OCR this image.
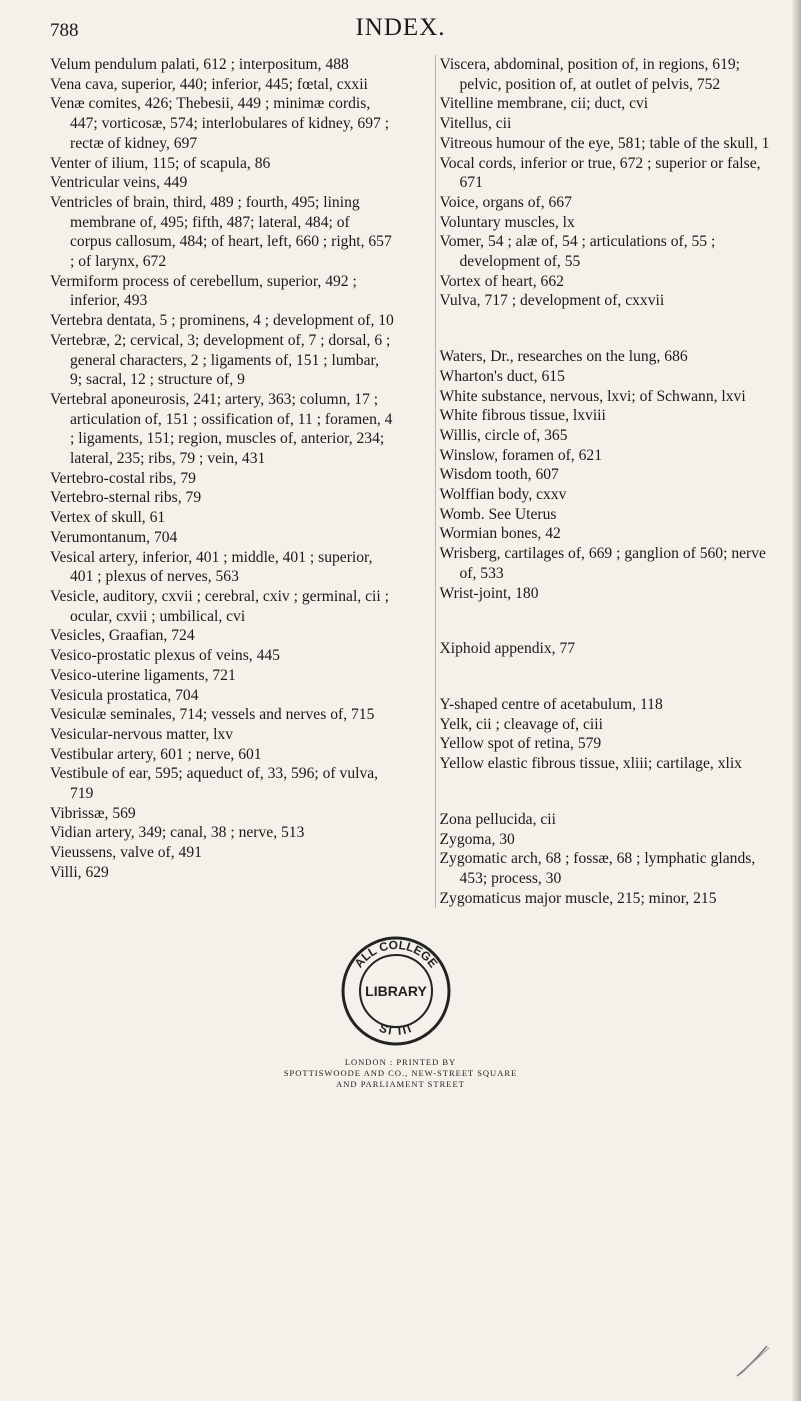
788	INDEX.

Velum pendulum palati, 612 ; interpositum, 488

Vena cava, superior, 440; inferior, 445; fœtal, cxxii

Venæ comites, 426; Thebesii, 449 ; minimæ cordis, 447; vorticosæ, 574; interlobulares of kidney, 697 ; rectæ of kidney, 697

Venter of ilium, 115; of scapula, 86

Ventricular veins, 449

Ventricles of brain, third, 489 ; fourth, 495; lining membrane of, 495; fifth, 487; lateral, 484; of corpus callosum, 484; of heart, left, 660 ; right, 657 ; of larynx, 672

Vermiform process of cerebellum, superior, 492 ; inferior, 493

Vertebra dentata, 5 ; prominens, 4 ; development of, 10

Vertebræ, 2; cervical, 3; development of, 7 ; dorsal, 6 ; general characters, 2 ; ligaments of, 151 ; lumbar, 9; sacral, 12 ; structure of, 9

Vertebral aponeurosis, 241; artery, 363; column, 17 ; articulation of, 151 ; ossification of, 11 ; foramen, 4 ; ligaments, 151; region, muscles of, anterior, 234; lateral, 235; ribs, 79 ; vein, 431

Vertebro-costal ribs, 79

Vertebro-sternal ribs, 79

Vertex of skull, 61

Verumontanum, 704

Vesical artery, inferior, 401 ; middle, 401 ; superior, 401 ; plexus of nerves, 563

Vesicle, auditory, cxvii ; cerebral, cxiv ; germinal, cii ; ocular, cxvii ; umbilical, cvi

Vesicles, Graafian, 724

Vesico-prostatic plexus of veins, 445

Vesico-uterine ligaments, 721

Vesicula prostatica, 704

Vesiculæ seminales, 714; vessels and nerves of, 715

Vesicular-nervous matter, lxv

Vestibular artery, 601 ; nerve, 601

Vestibule of ear, 595; aqueduct of, 33, 596; of vulva, 719

Vibrissæ, 569

Vidian artery, 349; canal, 38 ; nerve, 513

Vieussens, valve of, 491

Villi, 629

Viscera, abdominal, position of, in regions, 619; pelvic, position of, at outlet of pelvis, 752

Vitelline membrane, cii; duct, cvi

Vitellus, cii

Vitreous humour of the eye, 581; table of the skull, 1

Vocal cords, inferior or true, 672 ; superior or false, 671

Voice, organs of, 667

Voluntary muscles, lx

Vomer, 54 ; alæ of, 54 ; articulations of, 55 ; development of, 55

Vortex of heart, 662

Vulva, 717 ; development of, cxxvii

Waters, Dr., researches on the lung, 686

Wharton's duct, 615

White substance, nervous, lxvi; of Schwann, lxvi

White fibrous tissue, lxviii

Willis, circle of, 365

Winslow, foramen of, 621

Wisdom tooth, 607

Wolffian body, cxxv

Womb. See Uterus

Wormian bones, 42

Wrisberg, cartilages of, 669 ; ganglion of 560; nerve of, 533

Wrist-joint, 180

Xiphoid appendix, 77

Y-shaped centre of acetabulum, 118

Yelk, cii ; cleavage of, ciii

Yellow spot of retina, 579

Yellow elastic fibrous tissue, xliii; cartilage, xlix

Zona pellucida, cii

Zygoma, 30

Zygomatic arch, 68 ; fossæ, 68 ; lymphatic glands, 453; process, 30

Zygomaticus major muscle, 215; minor, 215

ALL COLLEGE
ST TIT
LIBRARY
LONDON : PRINTED BY
SPOTTISWOODE AND CO., NEW-STREET SQUARE
AND PARLIAMENT STREET
